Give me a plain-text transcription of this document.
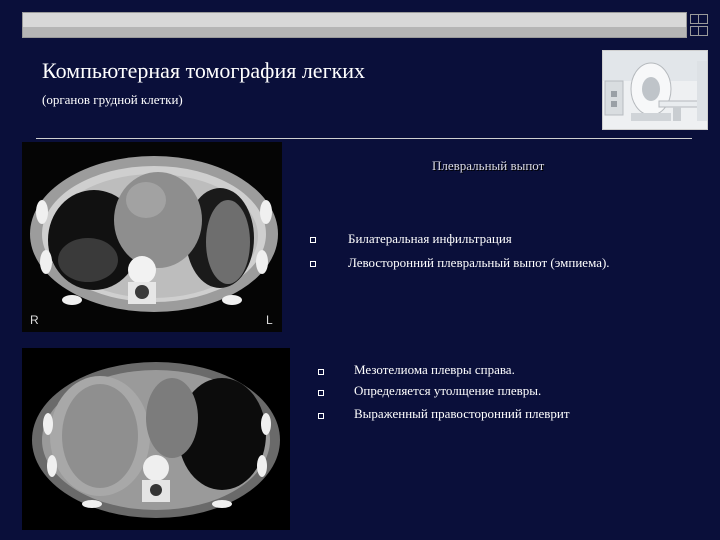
Компьютерная томография легких
(органов грудной клетки)
R	L
Плевральный выпот
Билатеральная инфильтрация
Левосторонний плевральный выпот (эмпиема).
Мезотелиома плевры справа.
Определяется утолщение плевры.
Выраженный правосторонний плеврит
